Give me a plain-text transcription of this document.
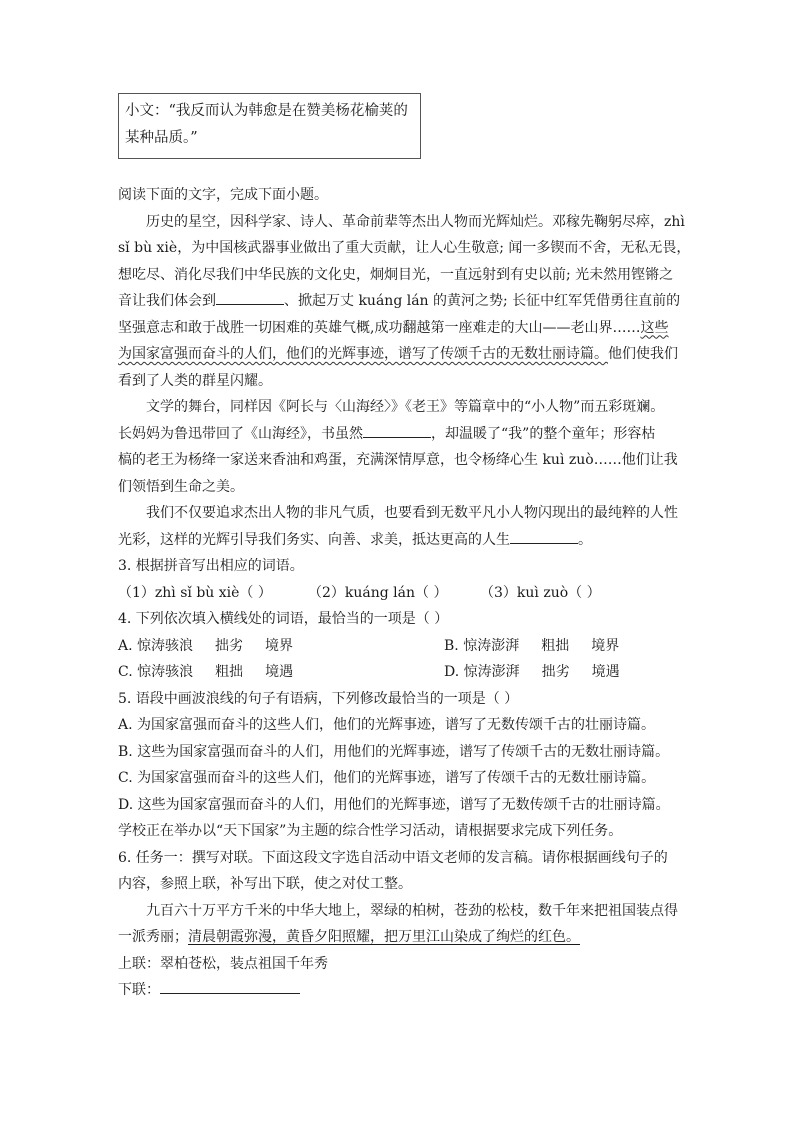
小文：“我反而认为韩愈是在赞美杨花榆荚的

某种品质。”

阅读下面的文字，完成下面小题。

历史的星空，因科学家、诗人、革命前辈等杰出人物而光辉灿烂。邓稼先鞠躬尽瘁，zhì

sǐ bù xiè，为中国核武器事业做出了重大贡献，让人心生敬意; 闻一多锲而不舍，无私无畏，

想吃尽、消化尽我们中华民族的文化史，炯炯目光，一直远射到有史以前; 光未然用铿锵之

音让我们体会到	、掀起万丈 kuáng lán 的黄河之势; 长征中红军凭借勇往直前的

坚强意志和敢于战胜一切困难的英雄气概,成功翻越第一座难走的大山——老山界……这些

为国家富强而奋斗的人们，他们的光辉事迹，谱写了传颂千古的无数壮丽诗篇。他们使我们

看到了人类的群星闪耀。

文学的舞台，同样因《阿长与〈山海经〉》《老王》等篇章中的“小人物”而五彩斑斓。

长妈妈为鲁迅带回了《山海经》，书虽然	，却温暖了“我”的整个童年；形容枯

槁的老王为杨绛一家送来香油和鸡蛋，充满深情厚意，也令杨绛心生 kuì zuò……他们让我

们领悟到生命之美。

我们不仅要追求杰出人物的非凡气质，也要看到无数平凡小人物闪现出的最纯粹的人性

光彩，这样的光辉引导我们务实、向善、求美，抵达更高的人生	。

3. 根据拼音写出相应的词语。

（1）zhì sǐ bù xiè（ ）	（2）kuáng lán（ ） （3）kuì zuò（ ）

4. 下列依次填入横线处的词语，最恰当的一项是（ ）

A. 惊涛骇浪 拙劣 境界	B. 惊涛澎湃 粗拙 境界
C. 惊涛骇浪 粗拙 境遇	D. 惊涛澎湃 拙劣 境遇

5. 语段中画波浪线的句子有语病，下列修改最恰当的一项是（ ）

A. 为国家富强而奋斗的这些人们，他们的光辉事迹，谱写了无数传颂千古的壮丽诗篇。

B. 这些为国家富强而奋斗的人们，用他们的光辉事迹，谱写了传颂千古的无数壮丽诗篇。

C. 为国家富强而奋斗的这些人们，他们的光辉事迹，谱写了传颂千古的无数壮丽诗篇。

D. 这些为国家富强而奋斗的人们，用他们的光辉事迹，谱写了无数传颂千古的壮丽诗篇。

学校正在举办以“天下国家”为主题的综合性学习活动，请根据要求完成下列任务。

6. 任务一：撰写对联。下面这段文字选自活动中语文老师的发言稿。请你根据画线句子的

内容，参照上联，补写出下联，使之对仗工整。

九百六十万平方千米的中华大地上，翠绿的柏树，苍劲的松枝，数千年来把祖国装点得

一派秀丽；清晨朝霞弥漫，黄昏夕阳照耀，把万里江山染成了绚烂的红色。

上联：翠柏苍松，装点祖国千年秀

下联：
